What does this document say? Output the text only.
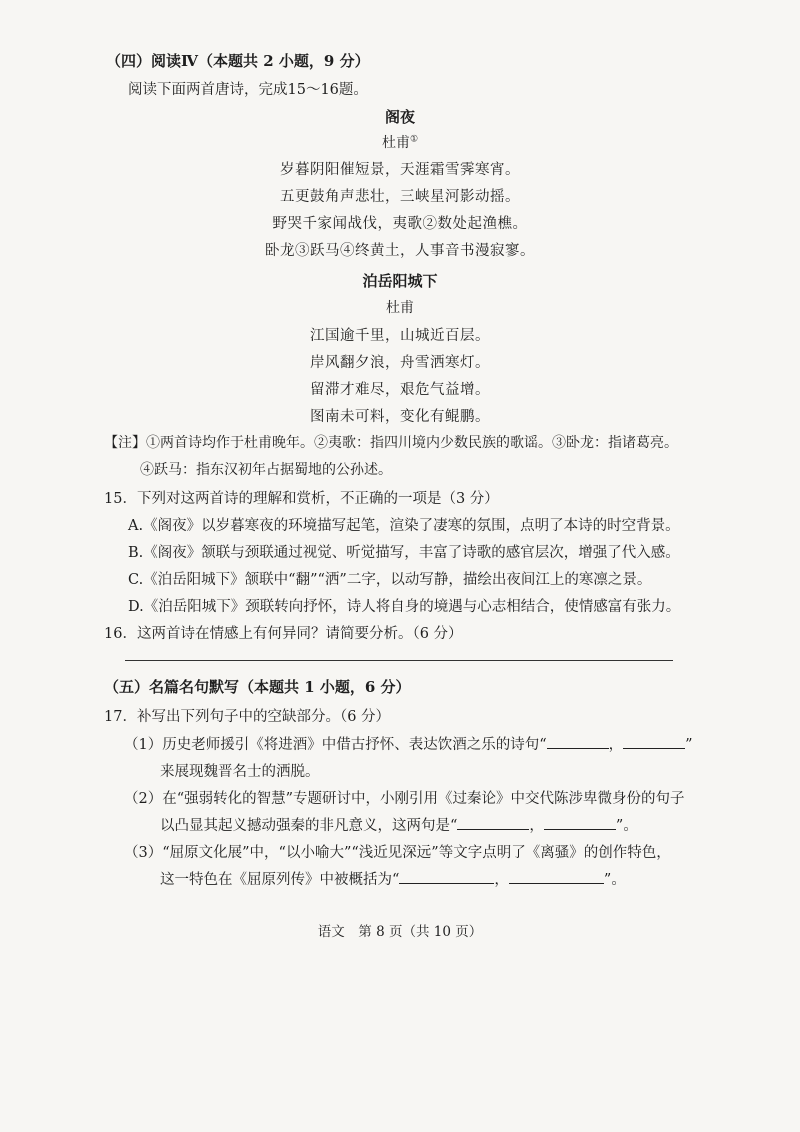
（四）阅读Ⅳ（本题共 2 小题，9 分）
阅读下面两首唐诗，完成15～16题。
阁夜
杜甫①
岁暮阴阳催短景，天涯霜雪霁寒宵。
五更鼓角声悲壮，三峡星河影动摇。
野哭千家闻战伐，夷歌②数处起渔樵。
卧龙③跃马④终黄土，人事音书漫寂寥。
泊岳阳城下
杜甫
江国逾千里，山城近百层。
岸风翻夕浪，舟雪洒寒灯。
留滞才难尽，艰危气益增。
图南未可料，变化有鲲鹏。
【注】①两首诗均作于杜甫晚年。②夷歌：指四川境内少数民族的歌谣。③卧龙：指诸葛亮。
④跃马：指东汉初年占据蜀地的公孙述。
15．下列对这两首诗的理解和赏析，不正确的一项是（3 分）
A.《阁夜》以岁暮寒夜的环境描写起笔，渲染了凄寒的氛围，点明了本诗的时空背景。
B.《阁夜》颔联与颈联通过视觉、听觉描写，丰富了诗歌的感官层次，增强了代入感。
C.《泊岳阳城下》颔联中“翻”“洒”二字，以动写静，描绘出夜间江上的寒凛之景。
D.《泊岳阳城下》颈联转向抒怀，诗人将自身的境遇与心志相结合，使情感富有张力。
16．这两首诗在情感上有何异同？请简要分析。（6 分）
（五）名篇名句默写（本题共 1 小题，6 分）
17．补写出下列句子中的空缺部分。（6 分）
（1）历史老师援引《将进酒》中借古抒怀、表达饮酒之乐的诗句“	，	”
来展现魏晋名士的洒脱。
（2）在“强弱转化的智慧”专题研讨中，小刚引用《过秦论》中交代陈涉卑微身份的句子
以凸显其起义撼动强秦的非凡意义，这两句是“	，	”。
（3）“屈原文化展”中，“以小喻大”“浅近见深远”等文字点明了《离骚》的创作特色，
这一特色在《屈原列传》中被概括为“	，	”。
语文　第 8 页（共 10 页）
